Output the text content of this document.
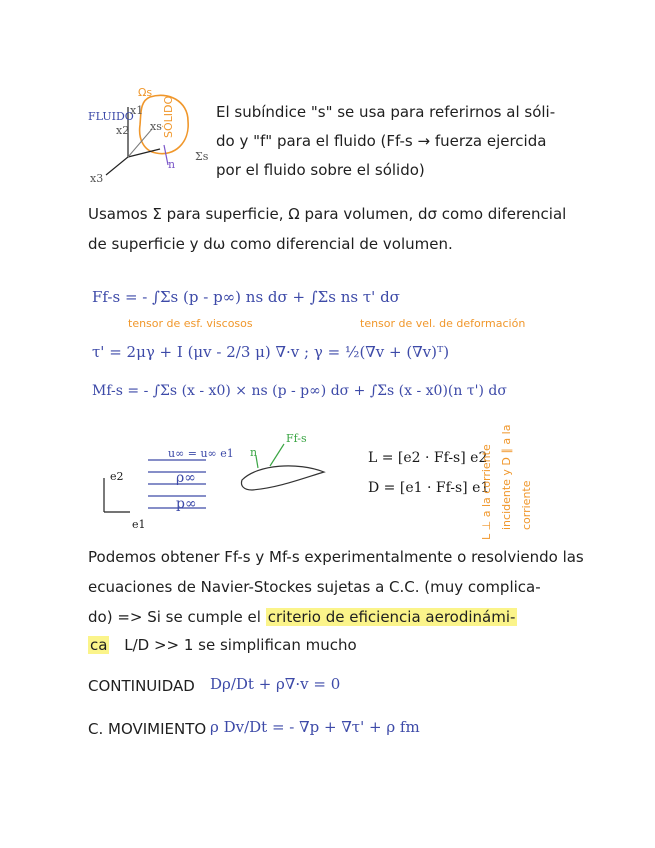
FLUIDO
Ωs
SÓLIDO
Σs
x1
x2
x3
n
xs
El subíndice "s" se usa para referirnos al sóli-
do y "f" para el fluido (Ff-s → fuerza ejercida
por el fluido sobre el sólido)
Usamos Σ para superficie, Ω para volumen, dσ como diferencial
de superficie y dω como diferencial de volumen.
Ff-s = - ∫Σs (p - p∞) ns dσ + ∫Σs ns τ' dσ
tensor de esf. viscosos	tensor de vel. de deformación
τ' = 2μγ + I (μv - 2/3 μ) ∇·v ; γ = ½(∇v + (∇v)ᵀ)
Mf-s = - ∫Σs (x - x0) × ns (p - p∞) dσ + ∫Σs (x - x0)(n τ') dσ
u∞ = u∞ e1
ρ∞
p∞
e1
e2
n
Ff-s
L = [e2 · Ff-s] e2
D = [e1 · Ff-s] e1
L ⊥ a la corriente incidente y D ∥ a la corriente
Podemos obtener Ff-s y Mf-s experimentalmente o resolviendo las
ecuaciones de Navier-Stockes sujetas a C.C. (muy complica-
do) => Si se cumple el criterio de eficiencia aerodinámi-
ca L/D >> 1 se simplifican mucho
CONTINUIDAD Dρ/Dt + ρ∇·v = 0
C. MOVIMIENTO ρ Dv/Dt = - ∇p + ∇τ' + ρ fm
